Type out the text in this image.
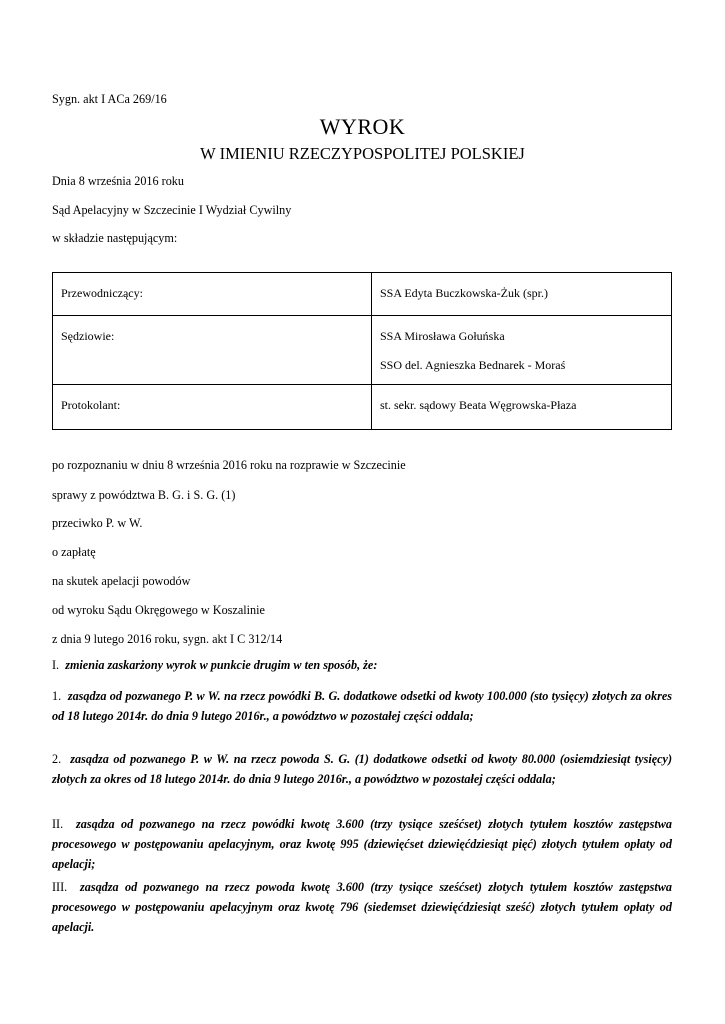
Sygn. akt I ACa 269/16
WYROK
W IMIENIU RZECZYPOSPOLITEJ POLSKIEJ
Dnia 8 września 2016 roku
Sąd Apelacyjny w Szczecinie I Wydział Cywilny
w składzie następującym:
Przewodniczący:	SSA Edyta Buczkowska-Żuk (spr.)
Sędziowie:	SSA Mirosława Gołuńska
SSO del. Agnieszka Bednarek - Moraś

Protokolant:	st. sekr. sądowy Beata Węgrowska-Płaza
po rozpoznaniu w dniu 8 września 2016 roku na rozprawie w Szczecinie
sprawy z powództwa B. G. i S. G. (1)
przeciwko P. w W.
o zapłatę
na skutek apelacji powodów
od wyroku Sądu Okręgowego w Koszalinie
z dnia 9 lutego 2016 roku, sygn. akt I C 312/14
I. zmienia zaskarżony wyrok w punkcie drugim w ten sposób, że:
1. zasądza od pozwanego P. w W. na rzecz powódki B. G. dodatkowe odsetki od kwoty 100.000 (sto tysięcy) złotych za okres od 18 lutego 2014r. do dnia 9 lutego 2016r., a powództwo w pozostałej części oddala;
2. zasądza od pozwanego P. w W. na rzecz powoda S. G. (1) dodatkowe odsetki od kwoty 80.000 (osiemdziesiąt tysięcy) złotych za okres od 18 lutego 2014r. do dnia 9 lutego 2016r., a powództwo w pozostałej części oddala;
II. zasądza od pozwanego na rzecz powódki kwotę 3.600 (trzy tysiące sześćset) złotych tytułem kosztów zastępstwa procesowego w postępowaniu apelacyjnym, oraz kwotę 995 (dziewięćset dziewięćdziesiąt pięć) złotych tytułem opłaty od apelacji;
III. zasądza od pozwanego na rzecz powoda kwotę 3.600 (trzy tysiące sześćset) złotych tytułem kosztów zastępstwa procesowego w postępowaniu apelacyjnym oraz kwotę 796 (siedemset dziewięćdziesiąt sześć) złotych tytułem opłaty od apelacji.
